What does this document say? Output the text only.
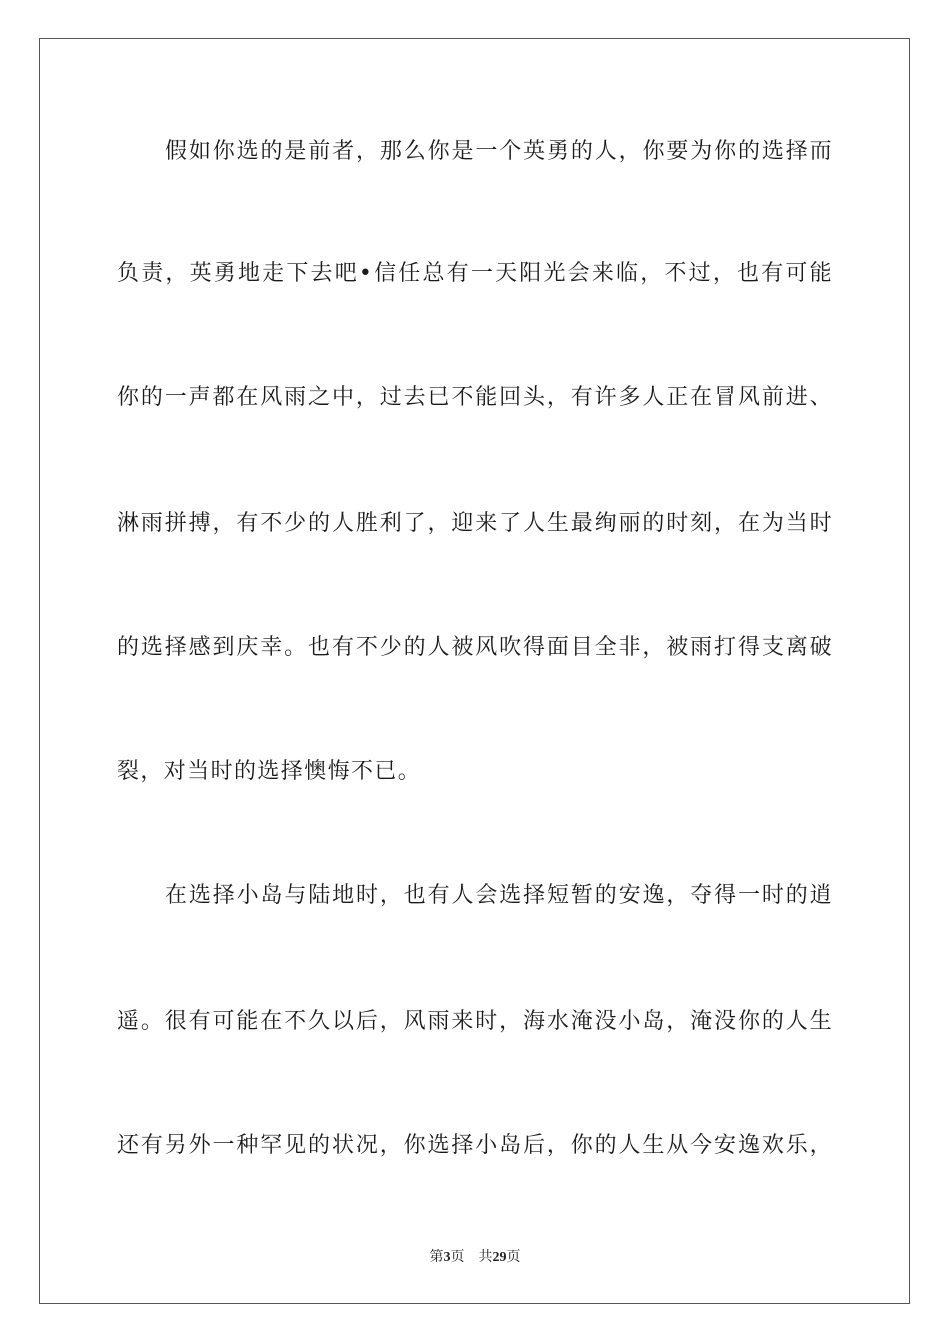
假如你选的是前者，那么你是一个英勇的人，你要为你的选择而
负责，英勇地走下去吧•信任总有一天阳光会来临，不过，也有可能
你的一声都在风雨之中，过去已不能回头，有许多人正在冒风前进、
淋雨拼搏，有不少的人胜利了，迎来了人生最绚丽的时刻，在为当时
的选择感到庆幸。也有不少的人被风吹得面目全非，被雨打得支离破
裂，对当时的选择懊悔不已。
在选择小岛与陆地时，也有人会选择短暂的安逸，夺得一时的逍
遥。很有可能在不久以后，风雨来时，海水淹没小岛，淹没你的人生
还有另外一种罕见的状况，你选择小岛后，你的人生从今安逸欢乐，
第3页 共29页
